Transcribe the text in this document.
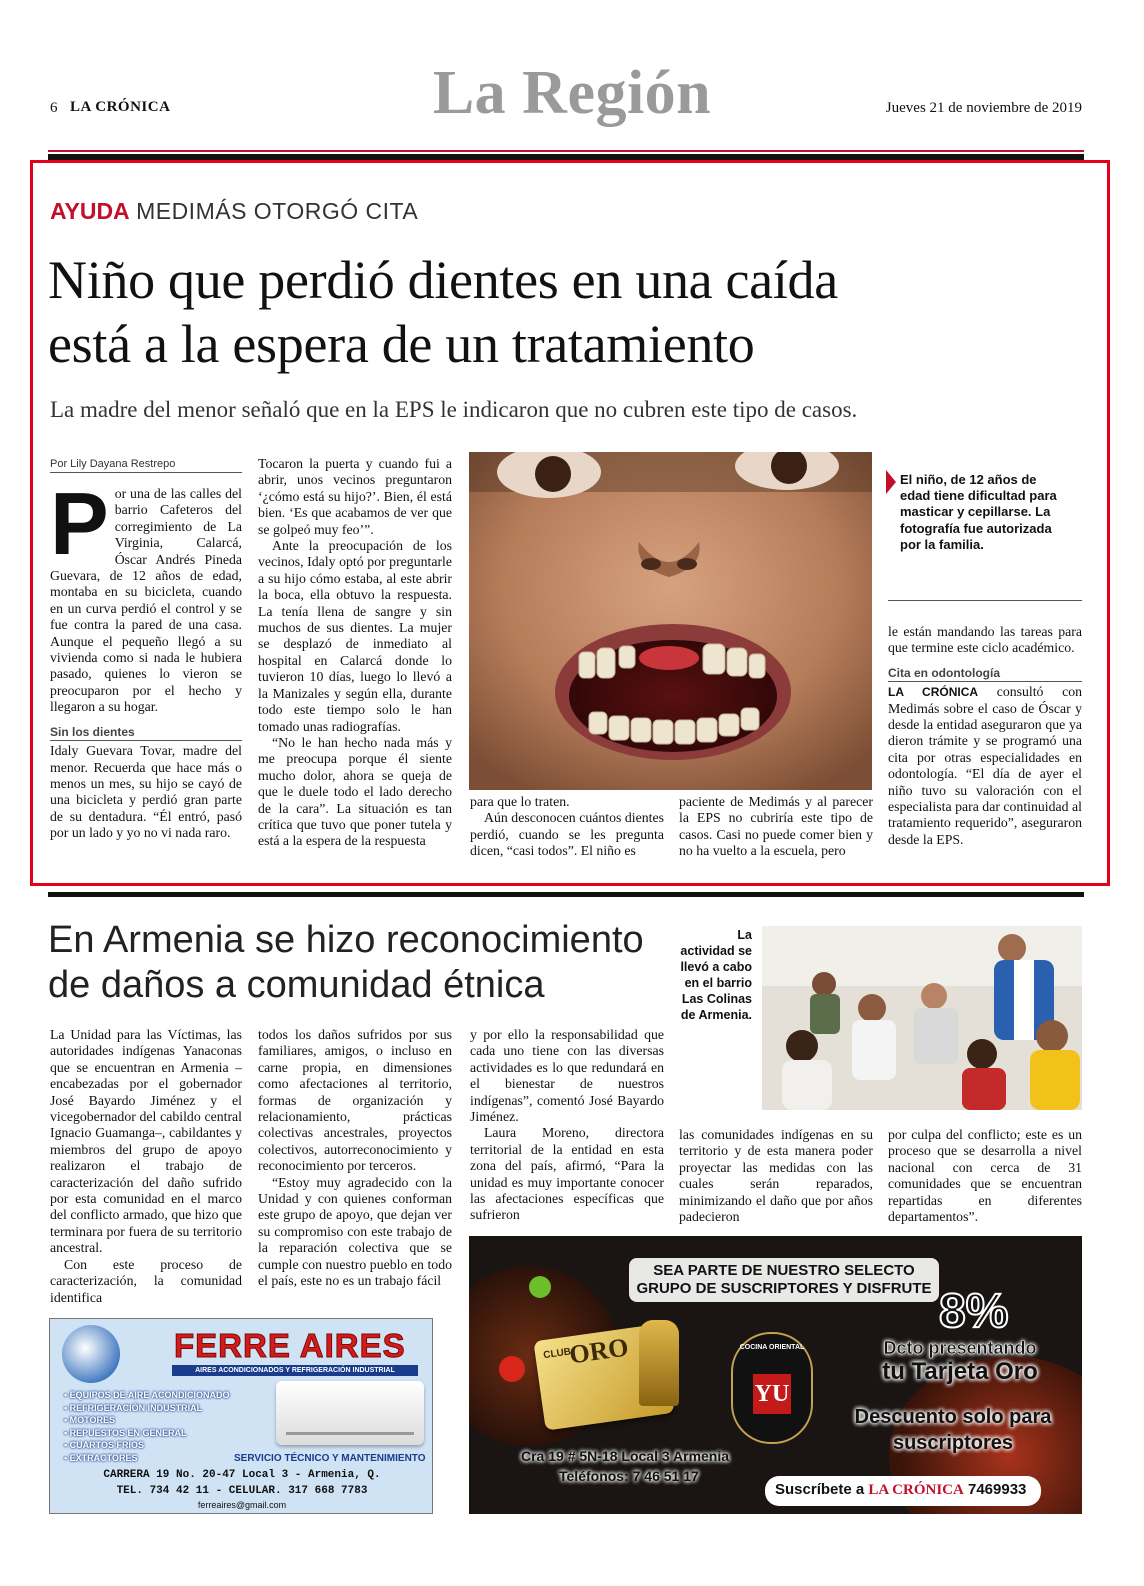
6 LA CRÓNICA	La Región	Jueves 21 de noviembre de 2019
AYUDA MEDIMÁS OTORGÓ CITA
Niño que perdió dientes en una caída
está a la espera de un tratamiento
La madre del menor señaló que en la EPS le indicaron que no cubren este tipo de casos.
Por Lily Dayana Restrepo

Por una de las calles del barrio Cafeteros del corregimiento de La Virginia, Calarcá, Óscar Andrés Pineda Guevara, de 12 años de edad, montaba en su bicicleta, cuando en un curva perdió el control y se fue contra la pared de una casa. Aunque el pequeño llegó a su vivienda como si nada le hubiera pasado, quienes lo vieron se preocuparon por el hecho y llegaron a su hogar.

Sin los dientes

Idaly Guevara Tovar, madre del menor. Recuerda que hace más o menos un mes, su hijo se cayó de una bicicleta y perdió gran parte de su dentadura. “Él entró, pasó por un lado y yo no vi nada raro.

Tocaron la puerta y cuando fui a abrir, unos vecinos preguntaron ‘¿cómo está su hijo?’. Bien, él está bien. ‘Es que acabamos de ver que se golpeó muy feo’”.

Ante la preocupación de los vecinos, Idaly optó por preguntarle a su hijo cómo estaba, al este abrir la boca, ella obtuvo la respuesta. La tenía llena de sangre y sin muchos de sus dientes. La mujer se desplazó de inmediato al hospital en Calarcá donde lo tuvieron 10 días, luego lo llevó a la Manizales y según ella, durante todo este tiempo solo le han tomado unas radiografías.

“No le han hecho nada más y me preocupa porque él siente mucho dolor, ahora se queja de que le duele todo el lado derecho de la cara”. La situación es tan crítica que tuvo que poner tutela y está a la espera de la respuesta

El niño, de 12 años de edad tiene dificultad para masticar y cepillarse. La fotografía fue autorizada por la familia.

para que lo traten.

Aún desconocen cuántos dientes perdió, cuando se les pregunta dicen, “casi todos”. El niño es

paciente de Medimás y al parecer la EPS no cubriría este tipo de casos. Casi no puede comer bien y no ha vuelto a la escuela, pero

le están mandando las tareas para que termine este ciclo académico.

Cita en odontología

LA CRÓNICA consultó con Medimás sobre el caso de Óscar y desde la entidad aseguraron que ya dieron trámite y se programó una cita por otras especialidades en odontología. “El día de ayer el niño tuvo su valoración con el especialista para dar continuidad al tratamiento requerido”, aseguraron desde la EPS.

En Armenia se hizo reconocimiento
de daños a comunidad étnica
La actividad se llevó a cabo en el barrio Las Colinas de Armenia.

La Unidad para las Víctimas, las autoridades indígenas Yanaconas que se encuentran en Armenia –encabezadas por el gobernador José Bayardo Jiménez y el vicegobernador del cabildo central Ignacio Guamanga–, cabildantes y miembros del grupo de apoyo realizaron el trabajo de caracterización del daño sufrido por esta comunidad en el marco del conflicto armado, que hizo que terminara por fuera de su territorio ancestral.

Con este proceso de caracterización, la comunidad identifica

todos los daños sufridos por sus familiares, amigos, o incluso en carne propia, en dimensiones como afectaciones al territorio, formas de organización y relacionamiento, prácticas colectivas ancestrales, proyectos colectivos, autorreconocimiento y reconocimiento por terceros.

“Estoy muy agradecido con la Unidad y con quienes conforman este grupo de apoyo, que dejan ver su compromiso con este trabajo de la reparación colectiva que se cumple con nuestro pueblo en todo el país, este no es un trabajo fácil

y por ello la responsabilidad que cada uno tiene con las diversas actividades es lo que redundará en el bienestar de nuestros indígenas”, comentó José Bayardo Jiménez.

Laura Moreno, directora territorial de la entidad en esta zona del país, afirmó, “Para la unidad es muy importante conocer las afectaciones específicas que sufrieron

las comunidades indígenas en su territorio y de esta manera poder proyectar las medidas con las cuales serán reparados, minimizando el daño que por años padecieron

por culpa del conflicto; este es un proceso que se desarrolla a nivel nacional con cerca de 31 comunidades que se encuentran repartidas en diferentes departamentos”.

FERRE AIRES
AIRES ACONDICIONADOS Y REFRIGERACIÓN INDUSTRIAL
• EQUIPOS DE AIRE ACONDICIONADO
• REFRIGERACIÓN INDUSTRIAL
• MOTORES
• REPUESTOS EN GENERAL
• CUARTOS FRIOS
• EXTRACTORES	SERVICIO TÉCNICO Y MANTENIMIENTO
CARRERA 19 No. 20-47 Local 3 - Armenia, Q.
TEL. 734 42 11 - CELULAR. 317 668 7783
ferreaires@gmail.com
SEA PARTE DE NUESTRO SELECTO
GRUPO DE SUSCRIPTORES Y DISFRUTE
CLUB
ORO	COCINA ORIENTAL
YU
8%
Dcto presentando
tu Tarjeta Oro
Descuento solo para
suscriptores
Cra 19 # 5N-18 Local 3 Armenia
Teléfonos: 7 46 51 17
Suscríbete a LA CRÓNICA 7469933
